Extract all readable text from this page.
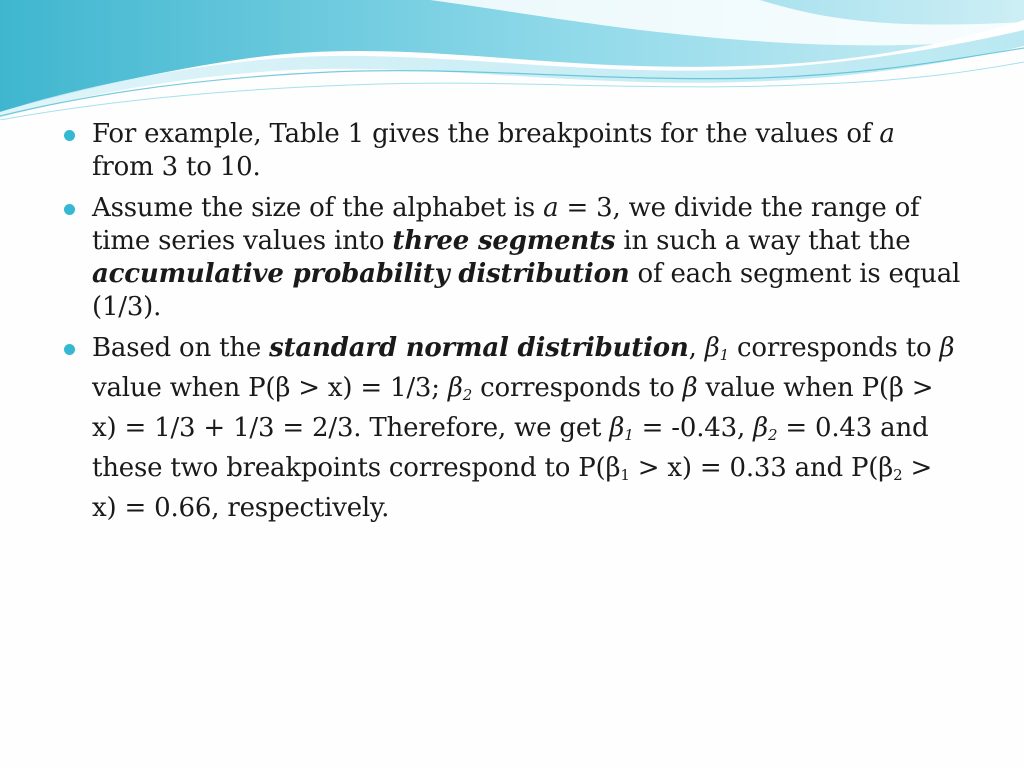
For example, Table 1 gives the breakpoints for the values of a from 3 to 10.
Assume the size of the alphabet is a = 3, we divide the range of time series values into three segments in such a way that the accumulative probability distribution of each segment is equal (1/3).
Based on the standard normal distribution, β1 corresponds to β value when P(β > x) = 1/3; β2 corresponds to β value when P(β > x) = 1/3 + 1/3 = 2/3. Therefore, we get β1 = -0.43, β2 = 0.43 and these two breakpoints correspond to P(β1 > x) = 0.33 and P(β2 > x) = 0.66, respectively.
